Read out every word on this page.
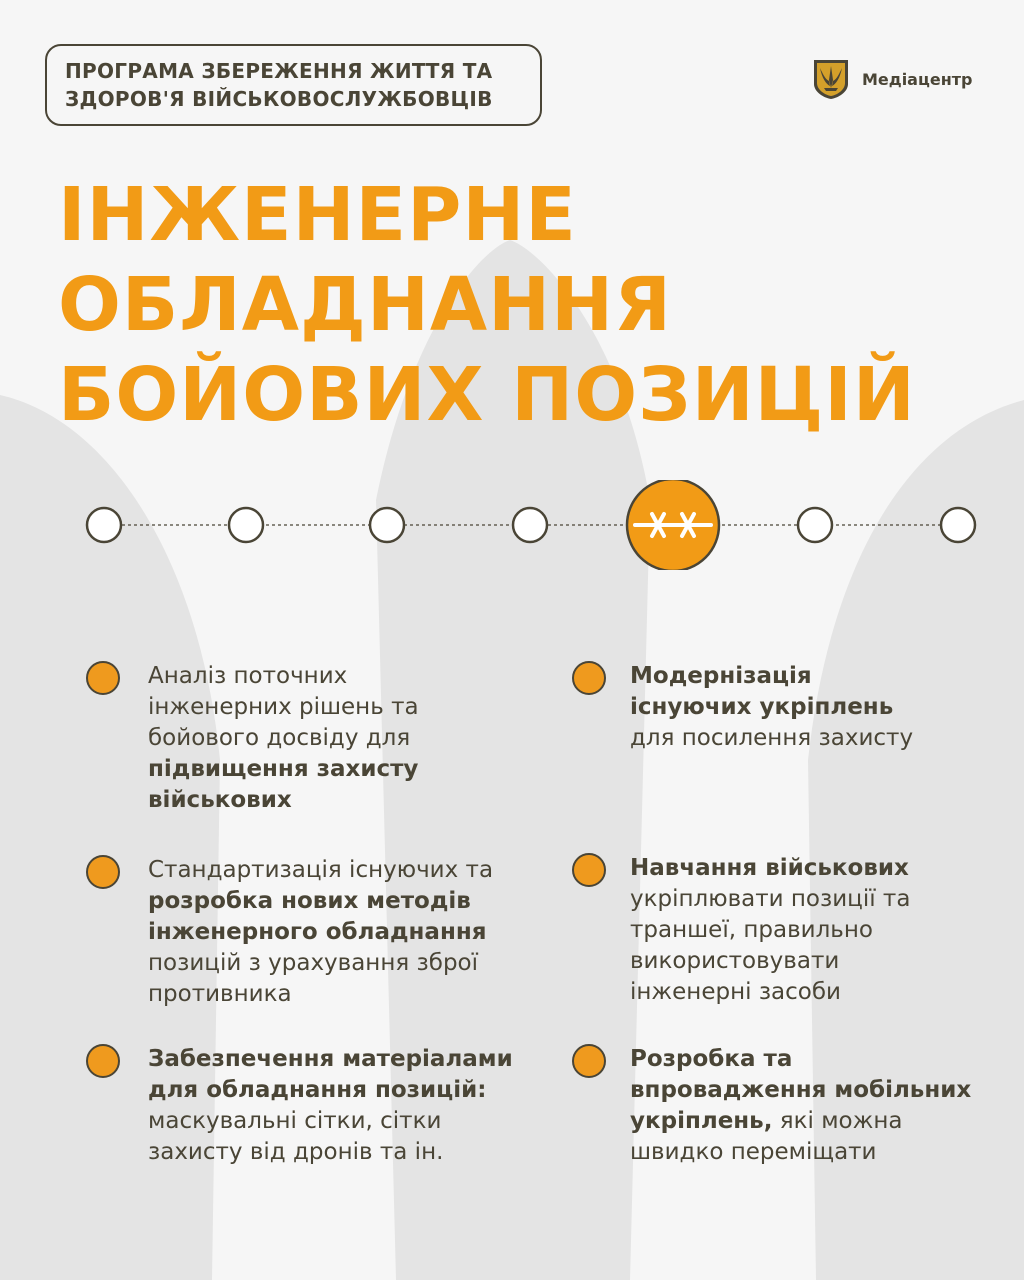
ПРОГРАМА ЗБЕРЕЖЕННЯ ЖИТТЯ ТА
ЗДОРОВ'Я ВІЙСЬКОВОСЛУЖБОВЦІВ
Медіацентр
ІНЖЕНЕРНЕ
ОБЛАДНАННЯ
БОЙОВИХ ПОЗИЦІЙ
Аналіз поточних
інженерних рішень та
бойового досвіду для
підвищення захисту
військових
Стандартизація існуючих та
розробка нових методів
інженерного обладнання
позицій з урахування зброї
противника
Забезпечення матеріалами
для обладнання позицій:
маскувальні сітки, сітки
захисту від дронів та ін.
Модернізація
існуючих укріплень
для посилення захисту
Навчання військових
укріплювати позиції та
траншеї, правильно
використовувати
інженерні засоби
Розробка та
впровадження мобільних
укріплень, які можна
швидко переміщати
